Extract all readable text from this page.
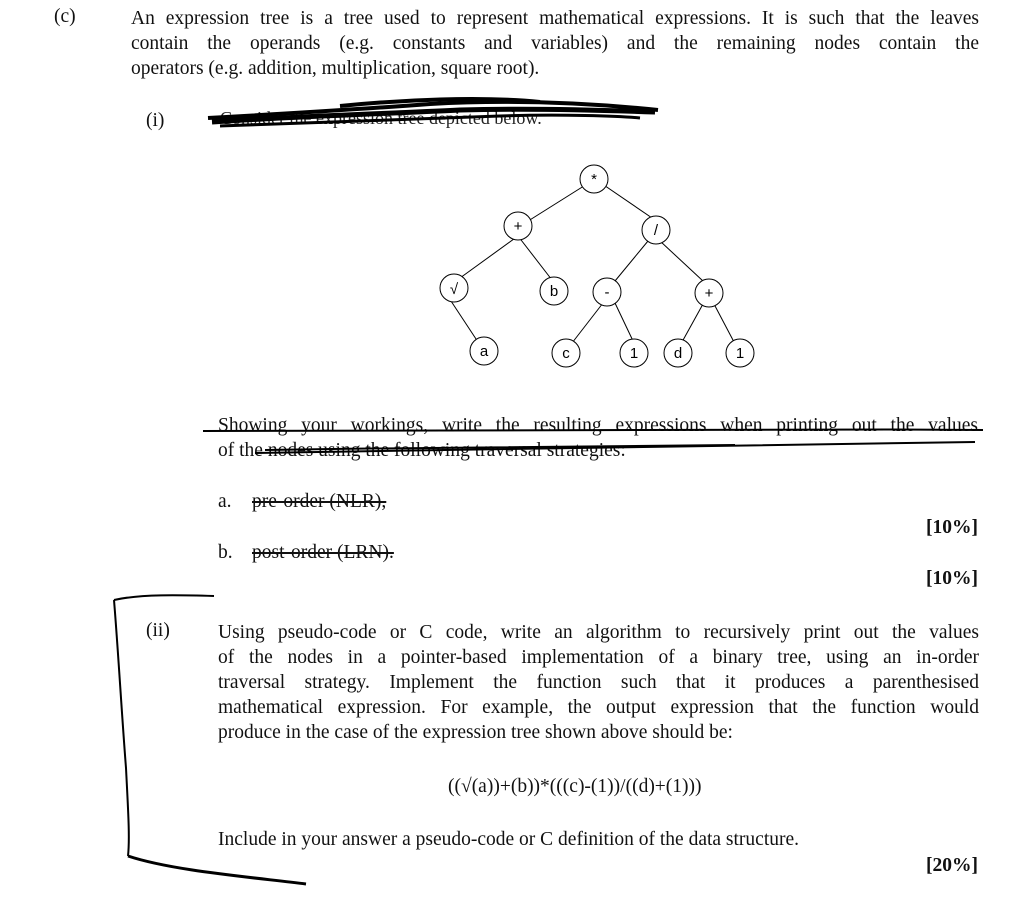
(c)	An expression tree is a tree used to represent mathematical expressions. It is such that the leaves
contain the operands (e.g. constants and variables) and the remaining nodes contain the
operators (e.g. addition, multiplication, square root).
(i)	Consider the expression tree depicted below.
*
+	/
√	b	-	+
a	c	1 d	1
Showing your workings, write the resulting expressions when printing out the values
of the nodes using the following traversal strategies:
a. pre-order (NLR),
[10%]
b. post-order (LRN).
[10%]
(ii) Using pseudo-code or C code, write an algorithm to recursively print out the values
of the nodes in a pointer-based implementation of a binary tree, using an in-order
traversal strategy. Implement the function such that it produces a parenthesised
mathematical expression. For example, the output expression that the function would
produce in the case of the expression tree shown above should be:
((√(a))+(b))*(((c)-(1))/((d)+(1)))
Include in your answer a pseudo-code or C definition of the data structure.
[20%]
